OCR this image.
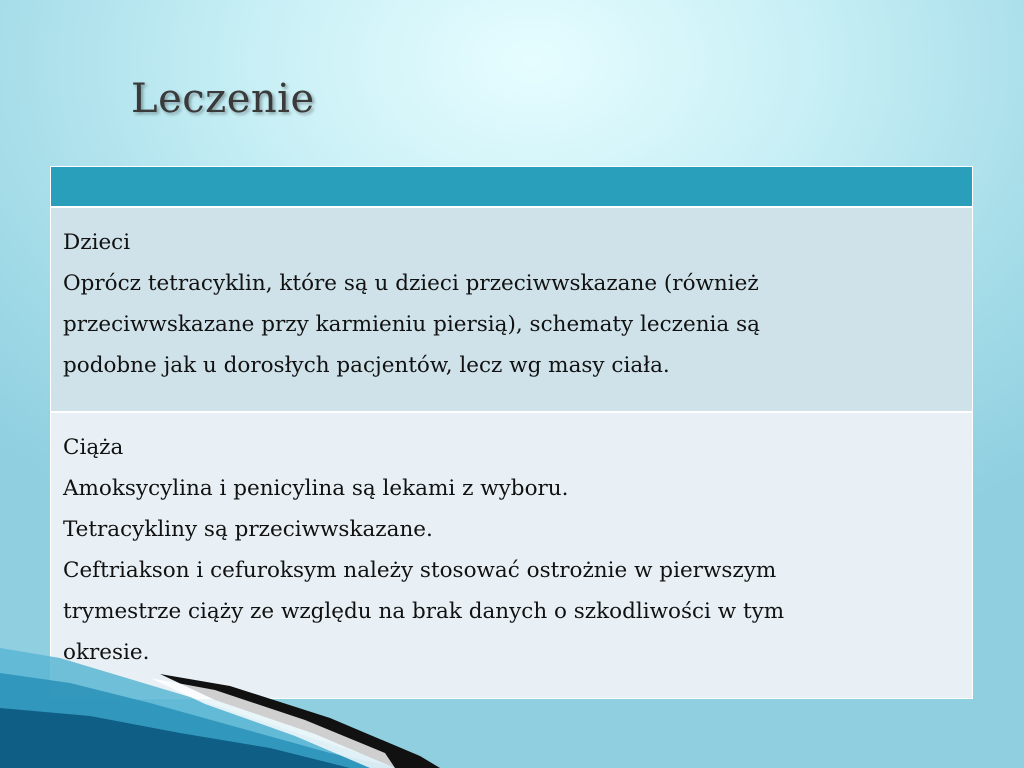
Leczenie
Dzieci
Oprócz tetracyklin, które są u dzieci przeciwwskazane (również
przeciwwskazane przy karmieniu piersią), schematy leczenia są
podobne jak u dorosłych pacjentów, lecz wg masy ciała.
Ciąża
Amoksycylina i penicylina są lekami z wyboru.
Tetracykliny są przeciwwskazane.
Ceftriakson i cefuroksym należy stosować ostrożnie w pierwszym
trymestrze ciąży ze względu na brak danych o szkodliwości w tym
okresie.
